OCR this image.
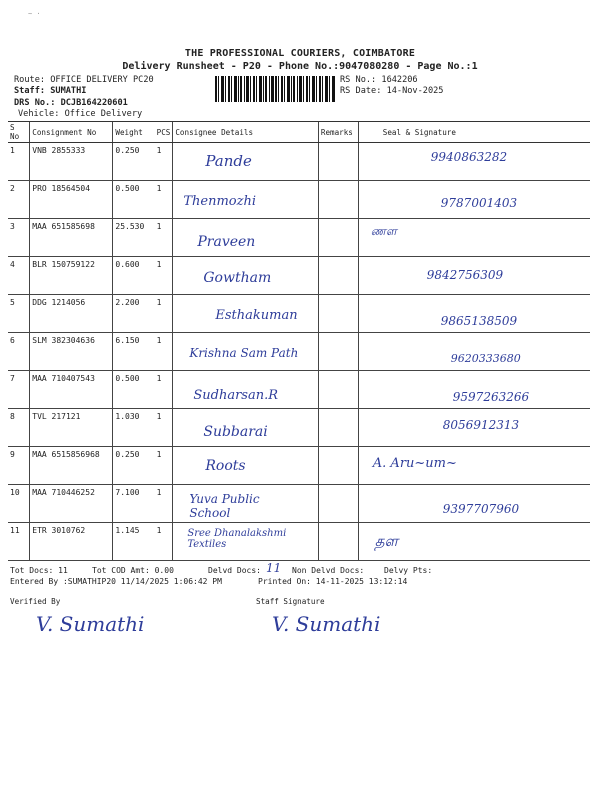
~ ·
THE PROFESSIONAL COURIERS, COIMBATORE
Delivery Runsheet - P20 - Phone No.:9047080280 - Page No.:1
Route: OFFICE DELIVERY PC20
Staff: SUMATHI
DRS No.: DCJB164220601
Vehicle: Office Delivery
RS No.: 1642206
RS Date: 14-Nov-2025
S No	Consignment No	Weight	PCS	Consignee Details	Remarks	Seal & Signature
1	VNB 2855333	0.250	1	Pande		9940863282
2	PRO 18564504	0.500	1	Thenmozhi		9787001403
3	MAA 651585698	25.530	1	Praveen		ணள
4	BLR 150759122	0.600	1	Gowtham		9842756309
5	DDG 1214056	2.200	1	Esthakuman		9865138509
6	SLM 382304636	6.150	1	Krishna Sam Path		9620333680
7	MAA 710407543	0.500	1	Sudharsan.R		9597263266
8	TVL 217121	1.030	1	Subbarai		8056912313
9	MAA 6515856968	0.250	1	Roots		A. Aru~um~
10	MAA 710446252	7.100	1	Yuva Public School		9397707960
11	ETR 3010762	1.145	1	Sree Dhanalakshmi Textiles		தள
Tot Docs: 11	Tot COD Amt: 0.00	Delvd Docs: 11 Non Delvd Docs: Delvy Pts:
Entered By :SUMATHIP20 11/14/2025 1:06:42 PM	Printed On: 14-11-2025 13:12:14
Verified By	Staff Signature
V. Sumathi	V. Sumathi
